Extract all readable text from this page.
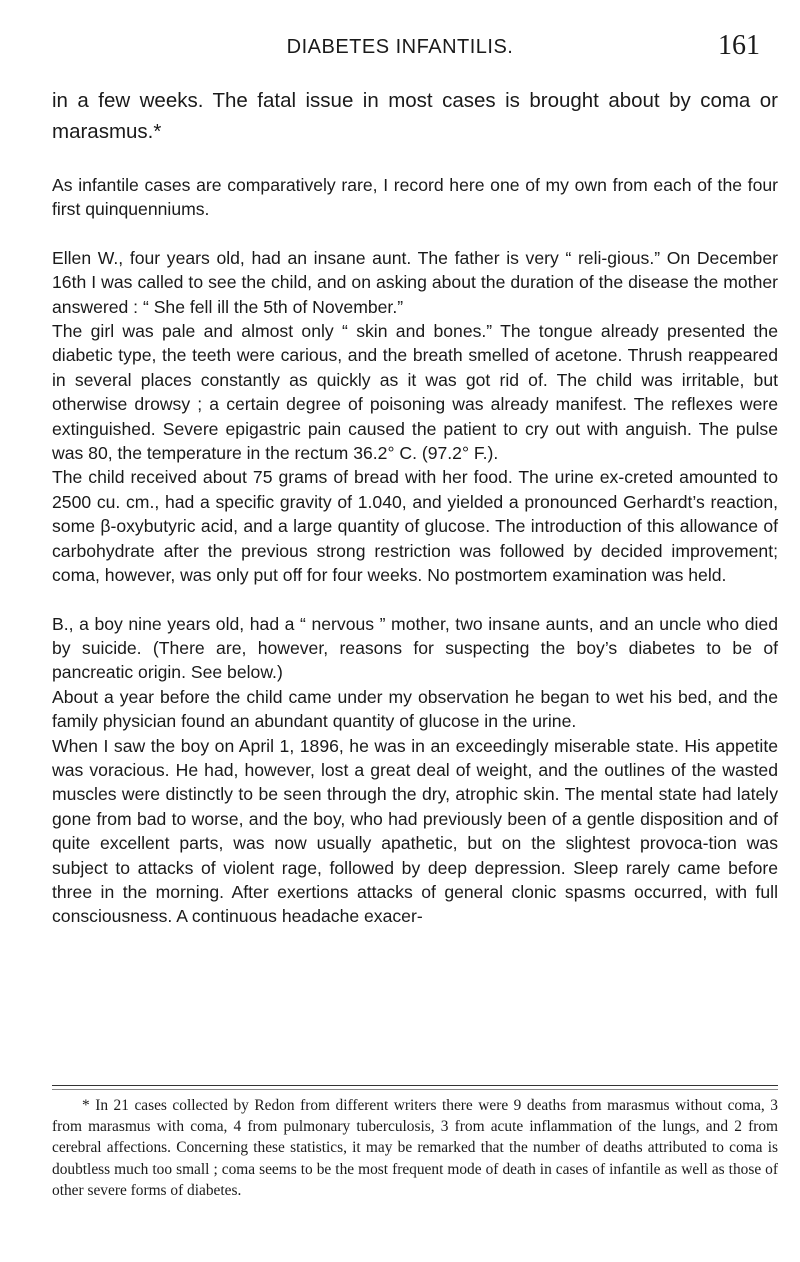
DIABETES INFANTILIS.	161

in a few weeks. The fatal issue in most cases is brought about by coma or marasmus.*

As infantile cases are comparatively rare, I record here one of my own from each of the four first quinquenniums.

Ellen W., four years old, had an insane aunt. The father is very “ reli-gious.” On December 16th I was called to see the child, and on asking about the duration of the disease the mother answered : “ She fell ill the 5th of November.”

The girl was pale and almost only “ skin and bones.” The tongue already presented the diabetic type, the teeth were carious, and the breath smelled of acetone. Thrush reappeared in several places constantly as quickly as it was got rid of. The child was irritable, but otherwise drowsy ; a certain degree of poisoning was already manifest. The reflexes were extinguished. Severe epigastric pain caused the patient to cry out with anguish. The pulse was 80, the temperature in the rectum 36.2° C. (97.2° F.).

The child received about 75 grams of bread with her food. The urine ex-creted amounted to 2500 cu. cm., had a specific gravity of 1.040, and yielded a pronounced Gerhardt’s reaction, some β-oxybutyric acid, and a large quantity of glucose. The introduction of this allowance of carbohydrate after the previous strong restriction was followed by decided improvement; coma, however, was only put off for four weeks. No postmortem examination was held.

B., a boy nine years old, had a “ nervous ” mother, two insane aunts, and an uncle who died by suicide. (There are, however, reasons for suspecting the boy’s diabetes to be of pancreatic origin. See below.)

About a year before the child came under my observation he began to wet his bed, and the family physician found an abundant quantity of glucose in the urine.

When I saw the boy on April 1, 1896, he was in an exceedingly miserable state. His appetite was voracious. He had, however, lost a great deal of weight, and the outlines of the wasted muscles were distinctly to be seen through the dry, atrophic skin. The mental state had lately gone from bad to worse, and the boy, who had previously been of a gentle disposition and of quite excellent parts, was now usually apathetic, but on the slightest provoca-tion was subject to attacks of violent rage, followed by deep depression. Sleep rarely came before three in the morning. After exertions attacks of general clonic spasms occurred, with full consciousness. A continuous headache exacer-

* In 21 cases collected by Redon from different writers there were 9 deaths from marasmus without coma, 3 from marasmus with coma, 4 from pulmonary tuberculosis, 3 from acute inflammation of the lungs, and 2 from cerebral affections. Concerning these statistics, it may be remarked that the number of deaths attributed to coma is doubtless much too small ; coma seems to be the most frequent mode of death in cases of infantile as well as those of other severe forms of diabetes.
